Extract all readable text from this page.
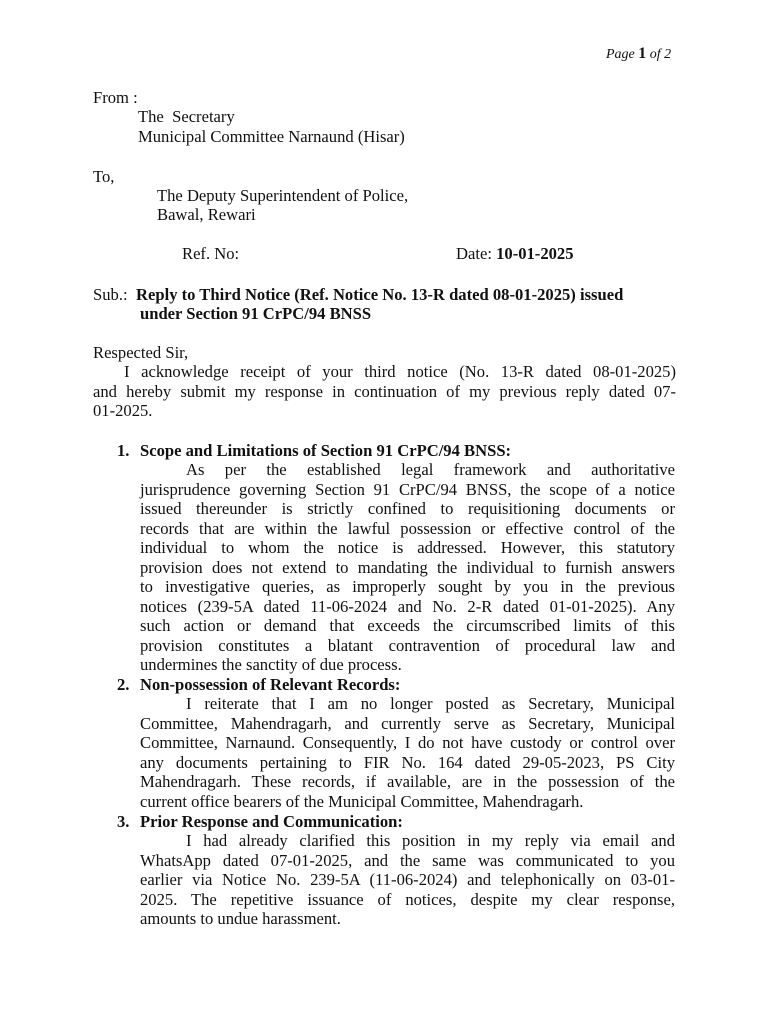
Page 1 of 2
From :
The  Secretary
Municipal Committee Narnaund (Hisar)
To,
The Deputy Superintendent of Police,
Bawal, Rewari
Ref. No:	Date: 10-01-2025
Sub.: Reply to Third Notice (Ref. Notice No. 13-R dated 08-01-2025) issued
under Section 91 CrPC/94 BNSS
Respected Sir,
I acknowledge receipt of your third notice (No. 13-R dated 08-01-2025)
and hereby submit my response in continuation of my previous reply dated 07-
01-2025.
1. Scope and Limitations of Section 91 CrPC/94 BNSS:
As per the established legal framework and authoritative
jurisprudence governing Section 91 CrPC/94 BNSS, the scope of a notice
issued thereunder is strictly confined to requisitioning documents or
records that are within the lawful possession or effective control of the
individual to whom the notice is addressed. However, this statutory
provision does not extend to mandating the individual to furnish answers
to investigative queries, as improperly sought by you in the previous
notices (239-5A dated 11-06-2024 and No. 2-R dated 01-01-2025). Any
such action or demand that exceeds the circumscribed limits of this
provision constitutes a blatant contravention of procedural law and
undermines the sanctity of due process.
2. Non-possession of Relevant Records:
I reiterate that I am no longer posted as Secretary, Municipal
Committee, Mahendragarh, and currently serve as Secretary, Municipal
Committee, Narnaund. Consequently, I do not have custody or control over
any documents pertaining to FIR No. 164 dated 29-05-2023, PS City
Mahendragarh. These records, if available, are in the possession of the
current office bearers of the Municipal Committee, Mahendragarh.
3. Prior Response and Communication:
I had already clarified this position in my reply via email and
WhatsApp dated 07-01-2025, and the same was communicated to you
earlier via Notice No. 239-5A (11-06-2024) and telephonically on 03-01-
2025. The repetitive issuance of notices, despite my clear response,
amounts to undue harassment.
